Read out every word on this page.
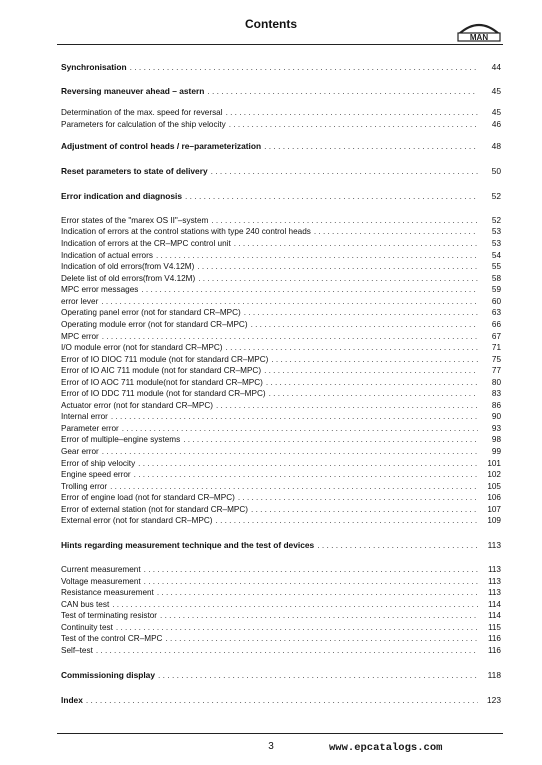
Contents
MAN
Synchronisation . . .	44
Reversing maneuver ahead – astern . . .	45
Determination of the max. speed for reversal . . .	45
Parameters for calculation of the ship velocity . . .	46
Adjustment of control heads / re–parameterization . . .	48
Reset parameters to state of delivery . . .	50
Error indication and diagnosis . . .	52
Error states of the "marex OS II"–system . . .	52
Indication of errors at the control stations with type 240 control heads . . .	53
Indication of errors at the CR–MPC control unit . . .	53
Indication of actual errors . . .	54
Indication of old errors(from V4.12M) . . .	55
Delete list of old errors(from V4.12M) . . .	58
MPC error messages . . .	59
error lever . . .	60
Operating panel error (not for standard CR–MPC) . . .	63
Operating module error (not for standard CR–MPC) . . .	66
MPC error . . .	67
I/O module error (not for standard CR–MPC) . . .	71
Error of IO DIOC 711 module (not for standard CR–MPC) . . .	75
Error of IO AIC 711 module (not for standard CR–MPC) . . .	77
Error of IO AOC 711 module(not for standard CR–MPC) . . .	80
Error of IO DDC 711 module (not for standard CR–MPC) . . .	83
Actuator error (not for standard CR–MPC) . . .	86
Internal error . . .	90
Parameter error . . .	93
Error of multiple–engine systems . . .	98
Gear error . . .	99
Error of ship velocity . . .	101
Engine speed error . . .	102
Trolling error . . .	105
Error of engine load (not for standard CR–MPC) . . .	106
Error of external station (not for standard CR–MPC) . . .	107
External error (not for standard CR–MPC) . . .	109
Hints regarding measurement technique and the test of devices . . .	113
Current measurement . . .	113
Voltage measurement . . .	113
Resistance measurement . . .	113
CAN bus test . . .	114
Test of terminating resistor . . .	114
Continuity test . . .	115
Test of the control CR–MPC . . .	116
Self–test . . .	116
Commissioning display . . .	118
Index . . .	123
3	www.epcatalogs.com
